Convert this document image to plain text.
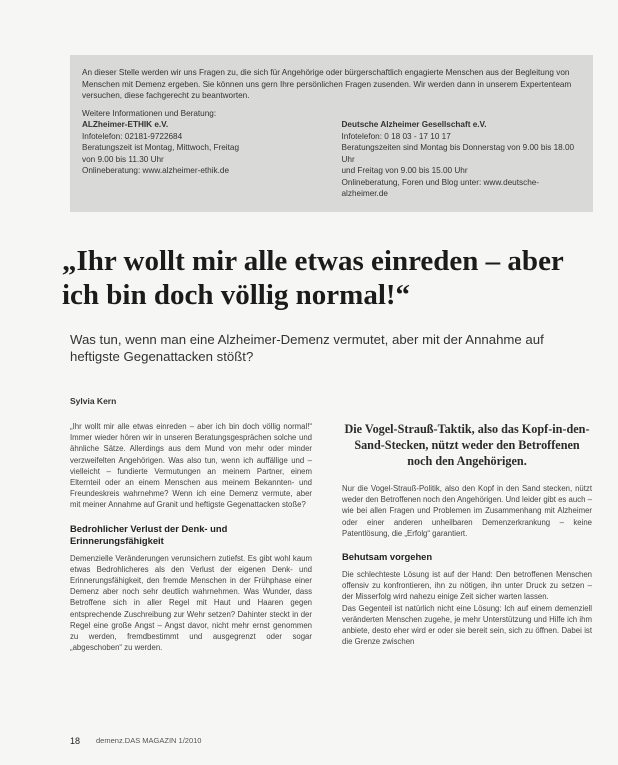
An dieser Stelle werden wir uns Fragen zu, die sich für Angehörige oder bürgerschaftlich engagierte Menschen aus der Begleitung von Menschen mit Demenz ergeben. Sie können uns gern Ihre persönlichen Fragen zusenden. Wir werden dann in unserem Expertenteam versuchen, diese fachgerecht zu beantworten.

Weitere Informationen und Beratung:

ALZheimer-ETHIK e.V.

Infotelefon: 02181-9722684

Beratungszeit ist Montag, Mittwoch, Freitag

von 9.00 bis 11.30 Uhr

Onlineberatung: www.alzheimer-ethik.de

Deutsche Alzheimer Gesellschaft e.V.

Infotelefon: 0 18 03 - 17 10 17

Beratungszeiten sind Montag bis Donnerstag von 9.00 bis 18.00 Uhr

und Freitag von 9.00 bis 15.00 Uhr

Onlineberatung, Foren und Blog unter: www.deutsche-alzheimer.de

„Ihr wollt mir alle etwas einreden – aber ich bin doch völlig normal!“

Was tun, wenn man eine Alzheimer-Demenz vermutet, aber mit der Annahme auf heftigste Gegenattacken stößt?

Sylvia Kern

„Ihr wollt mir alle etwas einreden – aber ich bin doch völlig normal!“ Immer wieder hören wir in unseren Beratungsgesprächen solche und ähnliche Sätze. Allerdings aus dem Mund von mehr oder minder verzweifelten Angehörigen. Was also tun, wenn ich auffällige und – vielleicht – fundierte Vermutungen an meinem Partner, einem Elternteil oder an einem Menschen aus meinem Bekannten- und Freundeskreis wahrnehme? Wenn ich eine Demenz vermute, aber mit meiner Annahme auf Granit und heftigste Gegenattacken stoße?

Bedrohlicher Verlust der Denk- und Erinnerungsfähigkeit

Demenzielle Veränderungen verunsichern zutiefst. Es gibt wohl kaum etwas Bedrohlicheres als den Verlust der eigenen Denk- und Erinnerungsfähigkeit, den fremde Menschen in der Frühphase einer Demenz aber noch sehr deutlich wahrnehmen. Was Wunder, dass Betroffene sich in aller Regel mit Haut und Haaren gegen entsprechende Zuschreibung zur Wehr setzen? Dahinter steckt in der Regel eine große Angst – Angst davor, nicht mehr ernst genommen zu werden, fremdbestimmt und ausgegrenzt oder sogar „abgeschoben“ zu werden.

Die Vogel-Strauß-Taktik, also das Kopf-in-den-Sand-Stecken, nützt weder den Betroffenen noch den Angehörigen.

Nur die Vogel-Strauß-Politik, also den Kopf in den Sand stecken, nützt weder den Betroffenen noch den Angehörigen. Und leider gibt es auch – wie bei allen Fragen und Problemen im Zusammenhang mit Alzheimer oder einer anderen unheilbaren Demenzerkrankung – keine Patentlösung, die „Erfolg“ garantiert.

Behutsam vorgehen

Die schlechteste Lösung ist auf der Hand: Den betroffenen Menschen offensiv zu konfrontieren, ihn zu nötigen, ihn unter Druck zu setzen – der Misserfolg wird nahezu einige Zeit sicher warten lassen.

Das Gegenteil ist natürlich nicht eine Lösung: Ich auf einem demenziell veränderten Menschen zugehe, je mehr Unterstützung und Hilfe ich ihm anbiete, desto eher wird er oder sie bereit sein, sich zu öffnen. Dabei ist die Grenze zwischen

18 demenz.DAS MAGAZIN 1/2010
